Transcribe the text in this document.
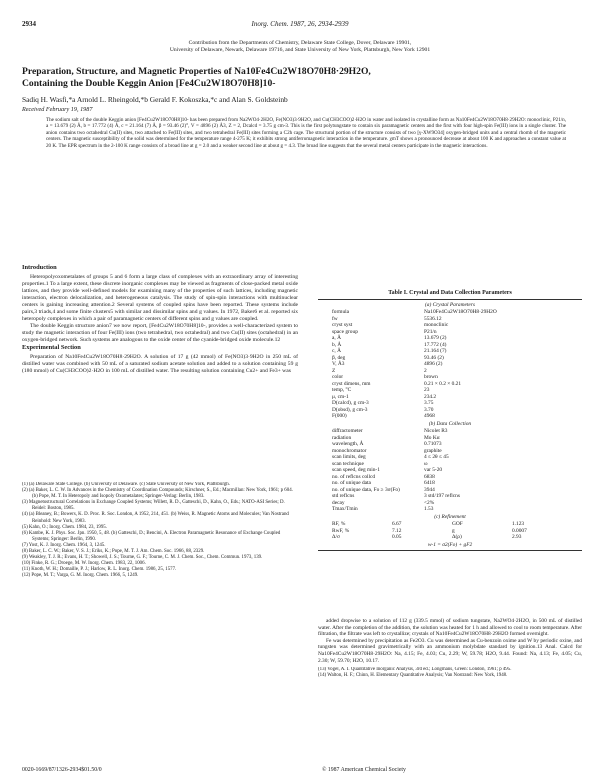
2934	Inorg. Chem. 1987, 26, 2934-2939
Contribution from the Departments of Chemistry, Delaware State College, Dover, Delaware 19901,
University of Delaware, Newark, Delaware 19716, and State University of New York, Plattsburgh, New York 12901
Preparation, Structure, and Magnetic Properties of Na10Fe4Cu2W18O70H8·29H2O,
Containing the Double Keggin Anion [Fe4Cu2W18O70H8]10-
Sadiq H. Wasfi,*a Arnold L. Rheingold,*b Gerald F. Kokoszka,*c and Alan S. Goldsteinb
Received February 19, 1987
The sodium salt of the double Keggin anion [Fe4Cu2W18O70H8]10- has been prepared from Na2WO4·2H2O, Fe(NO3)3·9H2O, and Cu(CH3COO)2·H2O in water and isolated in crystalline form as Na10Fe4Cu2W18O70H8·29H2O: monoclinic, P21/n, a = 13.679 (2) Å, b = 17.772 (4) Å, c = 21.164 (7) Å, β = 93.46 (2)°, V = 4896 (2) Å3, Z = 2, Dcalcd = 3.75 g cm-3. This is the first polytungstate to contain six paramagnetic centers and the first with four high-spin Fe(III) ions in a single cluster. The anion contains two octahedral Cu(II) sites, two attached to Fe(III) sites, and two tetrahedral Fe(III) sites forming a C2h cage. The structural portion of the structure consists of two [γ-XW9O34] oxygen-bridged units and a central rhomb of the magnetic centers. The magnetic susceptibility of the solid was determined for the temperature range 4-275 K; it exhibits strong antiferromagnetic interaction in the temperature. χmT shows a pronounced decrease at about 100 K and approaches a constant value at 20 K. The EPR spectrum in the 2-100 K range consists of a broad line at g = 2.0 and a weaker second line at about g = 4.3. The broad line suggests that the several metal centers participate in the magnetic interactions.

Introduction

Heteropolyoxometalates of groups 5 and 6 form a large class of complexes with an extraordinary array of interesting properties.1 To a large extent, these discrete inorganic complexes may be viewed as fragments of close-packed metal oxide lattices, and they provide well-defined models for examining many of the properties of such lattices, including magnetic interaction, electron delocalization, and heterogeneous catalysis. The study of spin-spin interactions with multinuclear centers is gaining increasing attention.2 Several systems of coupled spins have been reported. These systems include pairs,3 triads,4 and some finite clusters5 with similar and dissimilar spins and g values. In 1972, Baker6 et al. reported six heteropoly complexes in which a pair of paramagnetic centers of different spins and g values are coupled.

The double Keggin structure anion7 we now report, [Fe4Cu2W18O70H8]10-, provides a well-characterized system to study the magnetic interaction of four Fe(III) ions (two tetrahedral, two octahedral) and two Cu(II) sites (octahedral) in an oxygen-bridged network. Such systems are analogous to the oxide center of the cyanide-bridged oxide molecule.12

Experimental Section

Preparation of Na10Fe4Cu2W18O70H8·29H2O. A solution of 17 g (42 mmol) of Fe(NO3)3·9H2O in 250 mL of distilled water was combined with 50 mL of a saturated sodium acetate solution and added to a solution containing 59 g (180 mmol) of Cu(CH3COO)2·H2O in 100 mL of distilled water. The resulting solution containing Cu2+ and Fe3+ was

(1) (a) Delaware State College. (b) University of Delaware. (c) State University of New York, Plattsburgh.
(2) (a) Baker, L. C. W. In Advances in the Chemistry of Coordination Compounds; Kirschner, S., Ed.; Macmillan: New York, 1961; p 604. (b) Pope, M. T. In Heteropoly and Isopoly Oxometalates; Springer-Verlag: Berlin, 1983.
(3) Magnetostructural Correlations in Exchange Coupled Systems; Willett, R. D., Gatteschi, D., Kahn, O., Eds.; NATO-ASI Series; D. Reidel: Boston, 1985.
(4) (a) Bleaney, B.; Bowers, K. D. Proc. R. Soc. London, A 1952, 214, 451. (b) Weiss, R. Magnetic Atoms and Molecules; Van Nostrand Reinhold: New York, 1983.
(5) Kahn, O.; Inorg. Chem. 1984, 23, 1995.
(6) Kambe, K. J. Phys. Soc. Jpn. 1950, 5, 48. (b) Gatteschi, D.; Bencini, A. Electron Paramagnetic Resonance of Exchange Coupled Systems; Springer: Berlin, 1990.
(7) Yost, K. J. Inorg. Chem. 1964, 3, 1245.
(8) Baker, L. C. W.; Baker, V. S. J.; Eriks, K.; Pope, M. T. J. Am. Chem. Soc. 1966, 88, 2329.
(9) Weakley, T. J. R.; Evans, H. T.; Showell, J. S.; Tourne, G. F.; Tourne, C. M. J. Chem. Soc., Chem. Commun. 1973, 139.
(10) Finke, R. G.; Droege, M. W. Inorg. Chem. 1983, 22, 1006.
(11) Knoth, W. H.; Domaille, P. J.; Harlow, R. L. Inorg. Chem. 1986, 25, 1577.
(12) Pope, M. T.; Varga, G. M. Inorg. Chem. 1966, 5, 1249.
Table I. Crystal and Data Collection Parameters
(a) Crystal Parameters
formula	Na10Fe4Cu2W18O70H8·29H2O
fw	5536.12
cryst syst	monoclinic
space group	P21/n
a, Å	13.679 (2)
b, Å	17.772 (4)
c, Å	21.164 (7)
β, deg	93.46 (2)
V, Å3	4896 (2)
Z	2
color	brown
cryst dimens, mm	0.21 × 0.2 × 0.21
temp, °C	23
μ, cm-1	234.2
D(calcd), g cm-3	3.75
D(obsd), g cm-3	3.70
F(000)	4968
(b) Data Collection
diffractometer	Nicolet R3
radiation	Mo Kα
wavelength, Å	0.71073
monochromator	graphite
scan limits, deg	4 ≤ 2θ ≤ 45
scan technique	ω
scan speed, deg min-1	var 5-20
no. of reflcns collcd	6838
no. of unique data	6418
no. of unique data, Fo ≥ 3σ(Fo)	3944
std reflcns	3 std/197 reflcns
decay	<2%
Tmax/Tmin	1.53
(c) Refinement
RF, %	6.67	GOF	1.123
RwF, %	7.12	g	0.0007
Δ/σ	0.05	Δ(ρ)	2.93
w-1 = σ2(Fo) + gF2

added dropwise to a solution of 112 g (339.5 mmol) of sodium tungstate, Na2WO4·2H2O, in 500 mL of distilled water. After the completion of the addition, the solution was heated for 1 h and allowed to cool to room temperature. After filtration, the filtrate was left to crystallize; crystals of Na10Fe4Cu2W18O70H8·29H2O formed overnight.

Fe was determined by precipitation as Fe2O3. Cu was determined as Cu-benzoin oxime and W by periodic oxine, and tungsten was determined gravimetrically with an ammonium molybdate standard by ignition.13 Anal. Calcd for Na10Fe4Cu2W18O70H8·29H2O: Na, 4.15; Fe, 4.03; Cu, 2.29; W, 59.78; H2O, 9.44. Found: Na, 4.13; Fe, 4.05; Cu, 2.30; W, 59.70; H2O, 10.17.

(13) Vogel, A. I. Quantitative Inorganic Analysis, 3rd ed.; Longmans, Green: London, 1961; p 495.
(14) Walton, H. F.; Chinn, H. Elementary Quantitative Analysis; Van Nostrand: New York, 1948.
0020-1669/87/1326-2934$01.50/0	© 1987 American Chemical Society
